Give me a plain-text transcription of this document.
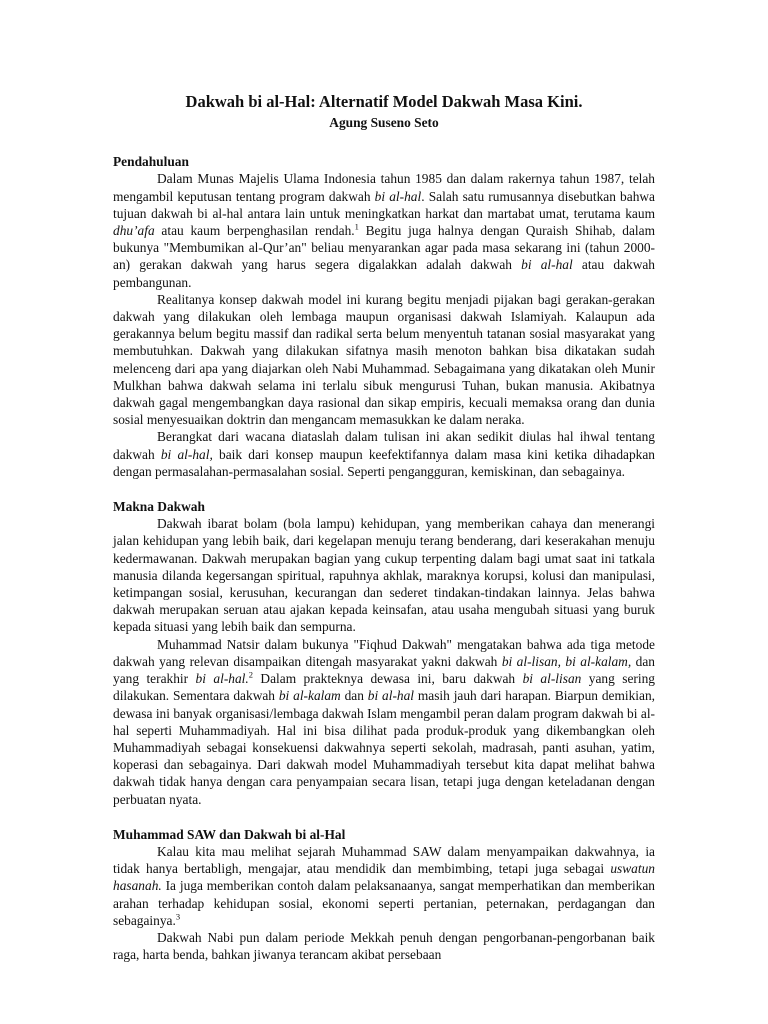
Dakwah bi al-Hal: Alternatif Model Dakwah Masa Kini.
Agung Suseno Seto
Pendahuluan

Dalam Munas Majelis Ulama Indonesia tahun 1985 dan dalam rakernya tahun 1987, telah mengambil keputusan tentang program dakwah bi al-hal. Salah satu rumusannya disebutkan bahwa tujuan dakwah bi al-hal antara lain untuk meningkatkan harkat dan martabat umat, terutama kaum dhu’afa atau kaum berpenghasilan rendah.$^1$ Begitu juga halnya dengan Quraish Shihab, dalam bukunya "Membumikan al-Qur’an" beliau menyarankan agar pada masa sekarang ini (tahun 2000-an) gerakan dakwah yang harus segera digalakkan adalah dakwah bi al-hal atau dakwah pembangunan.

Realitanya konsep dakwah model ini kurang begitu menjadi pijakan bagi gerakan-gerakan dakwah yang dilakukan oleh lembaga maupun organisasi dakwah Islamiyah. Kalaupun ada gerakannya belum begitu massif dan radikal serta belum menyentuh tatanan sosial masyarakat yang membutuhkan. Dakwah yang dilakukan sifatnya masih menoton bahkan bisa dikatakan sudah melenceng dari apa yang diajarkan oleh Nabi Muhammad. Sebagaimana yang dikatakan oleh Munir Mulkhan bahwa dakwah selama ini terlalu sibuk mengurusi Tuhan, bukan manusia. Akibatnya dakwah gagal mengembangkan daya rasional dan sikap empiris, kecuali memaksa orang dan dunia sosial menyesuaikan doktrin dan mengancam memasukkan ke dalam neraka.

Berangkat dari wacana diataslah dalam tulisan ini akan sedikit diulas hal ihwal tentang dakwah bi al-hal, baik dari konsep maupun keefektifannya dalam masa kini ketika dihadapkan dengan permasalahan-permasalahan sosial. Seperti pengangguran, kemiskinan, dan sebagainya.

Makna Dakwah

Dakwah ibarat bolam (bola lampu) kehidupan, yang memberikan cahaya dan menerangi jalan kehidupan yang lebih baik, dari kegelapan menuju terang benderang, dari keserakahan menuju kedermawanan. Dakwah merupakan bagian yang cukup terpenting dalam bagi umat saat ini tatkala manusia dilanda kegersangan spiritual, rapuhnya akhlak, maraknya korupsi, kolusi dan manipulasi, ketimpangan sosial, kerusuhan, kecurangan dan sederet tindakan-tindakan lainnya. Jelas bahwa dakwah merupakan seruan atau ajakan kepada keinsafan, atau usaha mengubah situasi yang buruk kepada situasi yang lebih baik dan sempurna.

Muhammad Natsir dalam bukunya "Fiqhud Dakwah" mengatakan bahwa ada tiga metode dakwah yang relevan disampaikan ditengah masyarakat yakni dakwah bi al-lisan, bi al-kalam, dan yang terakhir bi al-hal.$^2$ Dalam prakteknya dewasa ini, baru dakwah bi al-lisan yang sering dilakukan. Sementara dakwah bi al-kalam dan bi al-hal masih jauh dari harapan. Biarpun demikian, dewasa ini banyak organisasi/lembaga dakwah Islam mengambil peran dalam program dakwah bi al-hal seperti Muhammadiyah. Hal ini bisa dilihat pada produk-produk yang dikembangkan oleh Muhammadiyah sebagai konsekuensi dakwahnya seperti sekolah, madrasah, panti asuhan, yatim, koperasi dan sebagainya. Dari dakwah model Muhammadiyah tersebut kita dapat melihat bahwa dakwah tidak hanya dengan cara penyampaian secara lisan, tetapi juga dengan keteladanan dengan perbuatan nyata.

Muhammad SAW dan Dakwah bi al-Hal

Kalau kita mau melihat sejarah Muhammad SAW dalam menyampaikan dakwahnya, ia tidak hanya bertabligh, mengajar, atau mendidik dan membimbing, tetapi juga sebagai uswatun hasanah. Ia juga memberikan contoh dalam pelaksanaanya, sangat memperhatikan dan memberikan arahan terhadap kehidupan sosial, ekonomi seperti pertanian, peternakan, perdagangan dan sebagainya.$^3$

Dakwah Nabi pun dalam periode Mekkah penuh dengan pengorbanan-pengorbanan baik raga, harta benda, bahkan jiwanya terancam akibat persebaan
